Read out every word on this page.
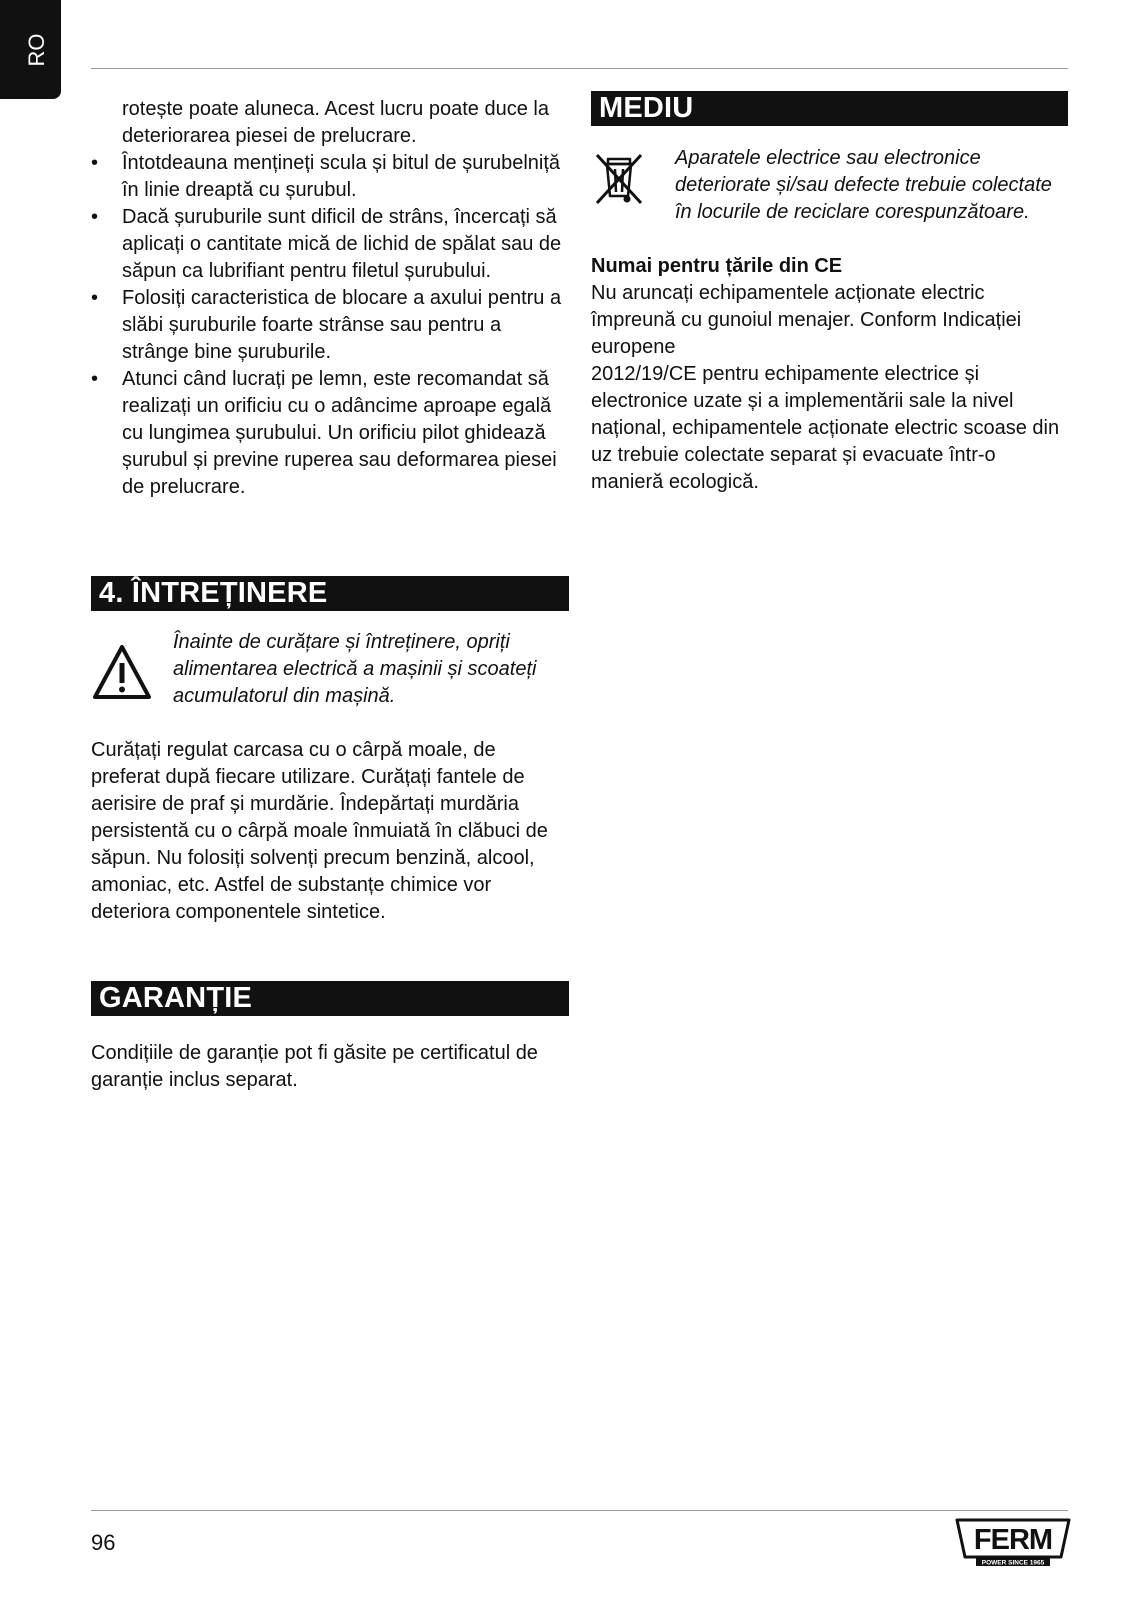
RO

rotește poate aluneca. Acest lucru poate duce la deteriorarea piesei de prelucrare.

• Întotdeauna mențineți scula și bitul de șurubelniță în linie dreaptă cu șurubul.
• Dacă șuruburile sunt dificil de strâns, încercați să aplicați o cantitate mică de lichid de spălat sau de săpun ca lubrifiant pentru filetul șurubului.
• Folosiți caracteristica de blocare a axului pentru a slăbi șuruburile foarte strânse sau pentru a strânge bine șuruburile.
• Atunci când lucrați pe lemn, este recomandat să realizați un orificiu cu o adâncime aproape egală cu lungimea șurubului. Un orificiu pilot ghidează șurubul și previne ruperea sau deformarea piesei de prelucrare.
4. ÎNTREȚINERE

Înainte de curățare și întreținere, opriți alimentarea electrică a mașinii și scoateți acumulatorul din mașină.

Curățați regulat carcasa cu o cârpă moale, de preferat după fiecare utilizare. Curățați fantele de aerisire de praf și murdărie. Îndepărtați murdăria persistentă cu o cârpă moale înmuiată în clăbuci de săpun. Nu folosiți solvenți precum benzină, alcool, amoniac, etc. Astfel de substanțe chimice vor deteriora componentele sintetice.

GARANȚIE

Condițiile de garanție pot fi găsite pe certificatul de garanție inclus separat.

MEDIU

Aparatele electrice sau electronice deteriorate și/sau defecte trebuie colectate în locurile de reciclare corespunzătoare.

Numai pentru țările din CE

Nu aruncați echipamentele acționate electric împreună cu gunoiul menajer. Conform Indicației europene

2012/19/CE pentru echipamente electrice și electronice uzate și a implementării sale la nivel național, echipamentele acționate electric scoase din uz trebuie colectate separat și evacuate într-o manieră ecologică.

96	FERM
POWER SINCE 1965
